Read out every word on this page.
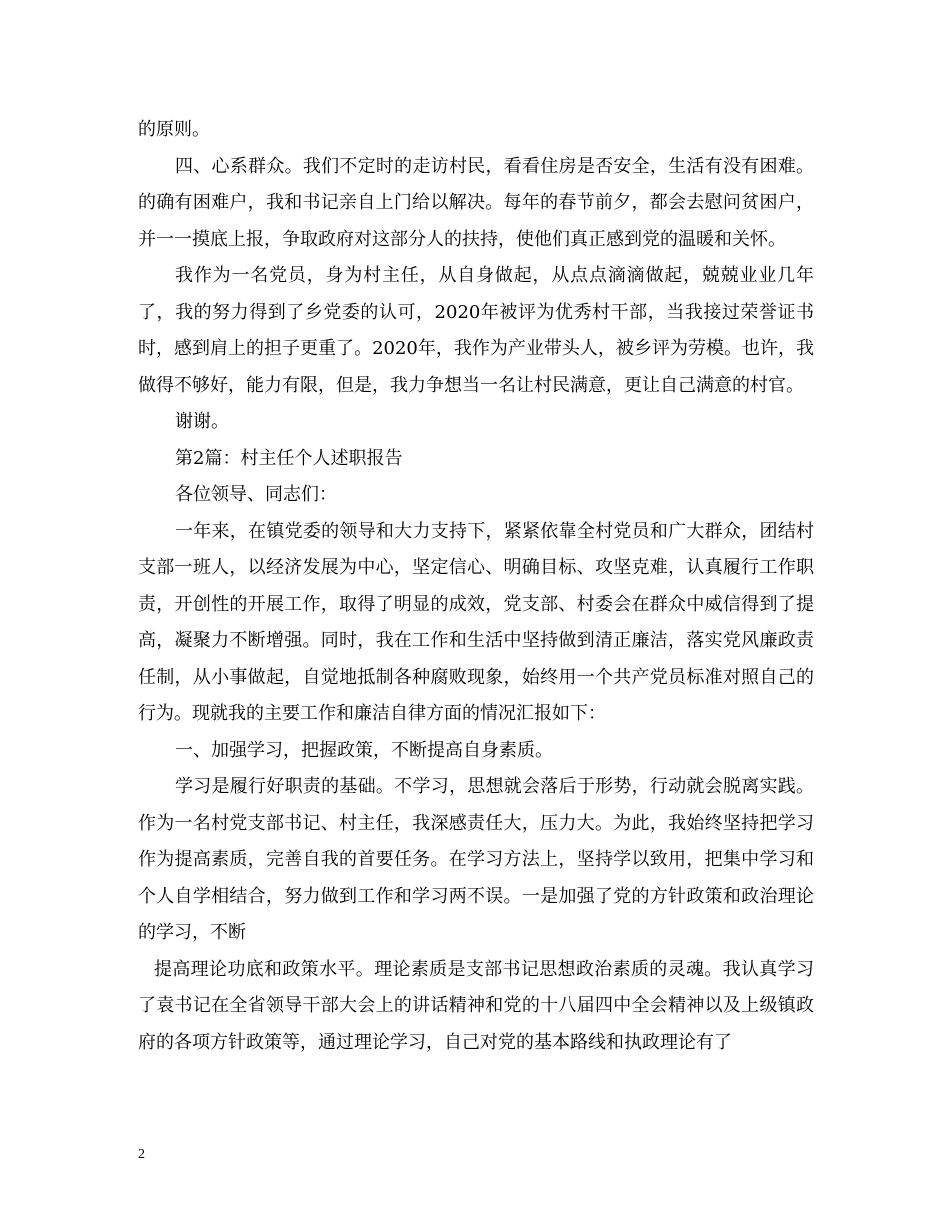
的原则。

四、心系群众。我们不定时的走访村民，看看住房是否安全，生活有没有困难。的确有困难户，我和书记亲自上门给以解决。每年的春节前夕，都会去慰问贫困户，并一一摸底上报，争取政府对这部分人的扶持，使他们真正感到党的温暖和关怀。

我作为一名党员，身为村主任，从自身做起，从点点滴滴做起，兢兢业业几年了，我的努力得到了乡党委的认可，2020年被评为优秀村干部，当我接过荣誉证书时，感到肩上的担子更重了。2020年，我作为产业带头人，被乡评为劳模。也许，我做得不够好，能力有限，但是，我力争想当一名让村民满意，更让自己满意的村官。

谢谢。

第2篇：村主任个人述职报告

各位领导、同志们：

一年来，在镇党委的领导和大力支持下，紧紧依靠全村党员和广大群众，团结村支部一班人，以经济发展为中心，坚定信心、明确目标、攻坚克难，认真履行工作职责，开创性的开展工作，取得了明显的成效，党支部、村委会在群众中威信得到了提高，凝聚力不断增强。同时，我在工作和生活中坚持做到清正廉洁，落实党风廉政责任制，从小事做起，自觉地抵制各种腐败现象，始终用一个共产党员标准对照自己的行为。现就我的主要工作和廉洁自律方面的情况汇报如下：

一、加强学习，把握政策，不断提高自身素质。

学习是履行好职责的基础。不学习，思想就会落后于形势，行动就会脱离实践。作为一名村党支部书记、村主任，我深感责任大，压力大。为此，我始终坚持把学习作为提高素质，完善自我的首要任务。在学习方法上，坚持学以致用，把集中学习和个人自学相结合，努力做到工作和学习两不误。一是加强了党的方针政策和政治理论的学习，不断

提高理论功底和政策水平。理论素质是支部书记思想政治素质的灵魂。我认真学习了袁书记在全省领导干部大会上的讲话精神和党的十八届四中全会精神以及上级镇政府的各项方针政策等，通过理论学习，自己对党的基本路线和执政理论有了

2
